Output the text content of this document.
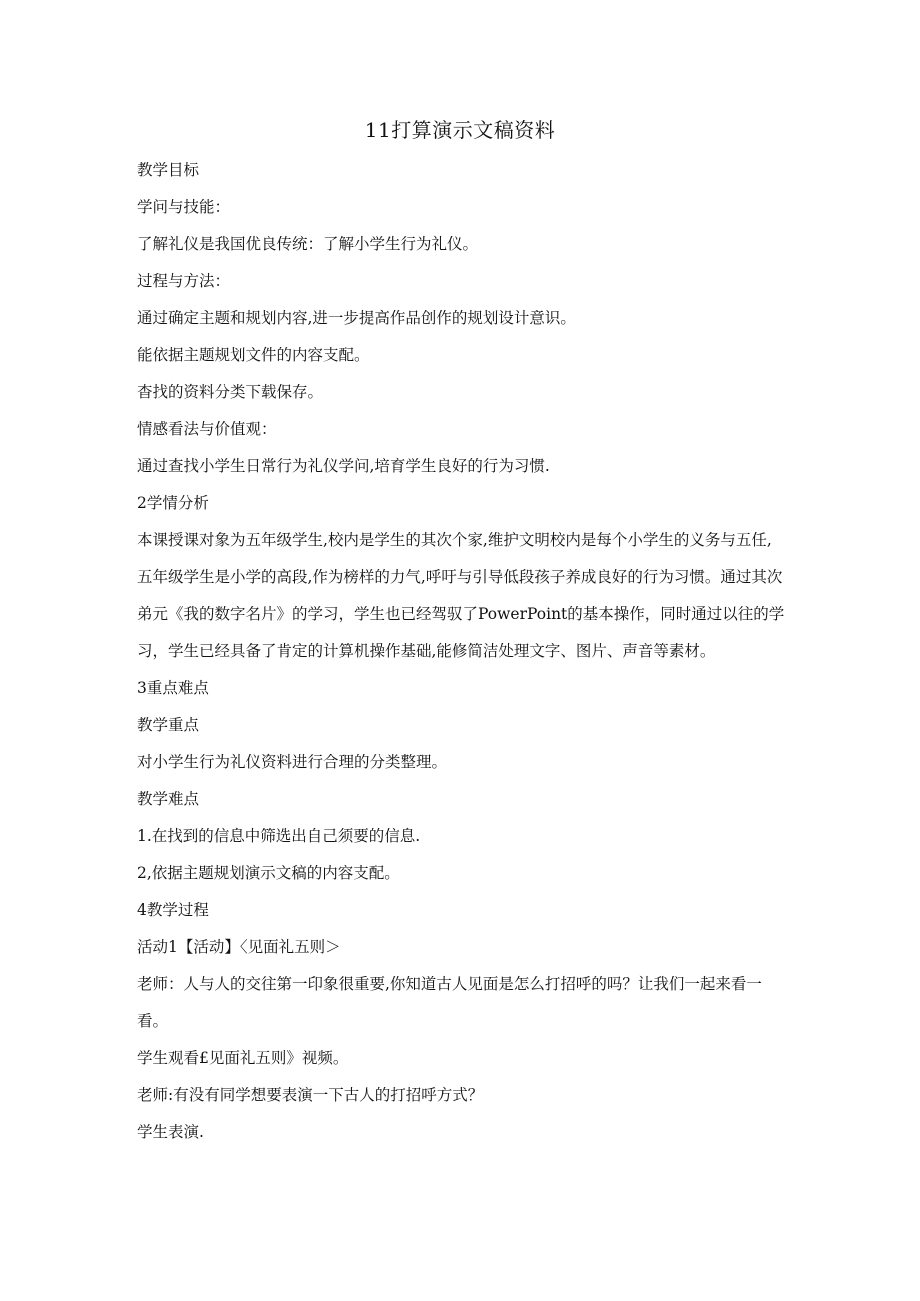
11打算演示文稿资料

教学目标

学问与技能：

了解礼仪是我国优良传统：了解小学生行为礼仪。

过程与方法：

通过确定主题和规划内容,进一步提高作品创作的规划设计意识。

能依据主题规划文件的内容支配。

杳找的资料分类下载保存。

情感看法与价值观：

通过查找小学生日常行为礼仪学问,培育学生良好的行为习惯.

2学情分析

本课授课对象为五年级学生,校内是学生的其次个家,维护文明校内是每个小学生的义务与五任,五年级学生是小学的高段,作为榜样的力气,呼吁与引导低段孩子养成良好的行为习惯。通过其次弟元《我的数字名片》的学习，学生也已经驾驭了PowerPoint的基本操作，同时通过以往的学习，学生已经具备了肯定的计算机操作基础,能修简洁处理文字、图片、声音等素材。

3重点难点

教学重点

对小学生行为礼仪资料进行合理的分类整理。

教学难点

1.在找到的信息中筛选出自己须要的信息.

2,依据主题规划演示文稿的内容支配。

4教学过程

活动1【活动】〈见面礼五则＞

老师：人与人的交往第一印象很重要,你知道古人见面是怎么打招呼的吗？让我们一起来看一看。

学生观看£见面礼五则》视频。

老师:有没有同学想要表演一下古人的打招呼方式？

学生表演.
